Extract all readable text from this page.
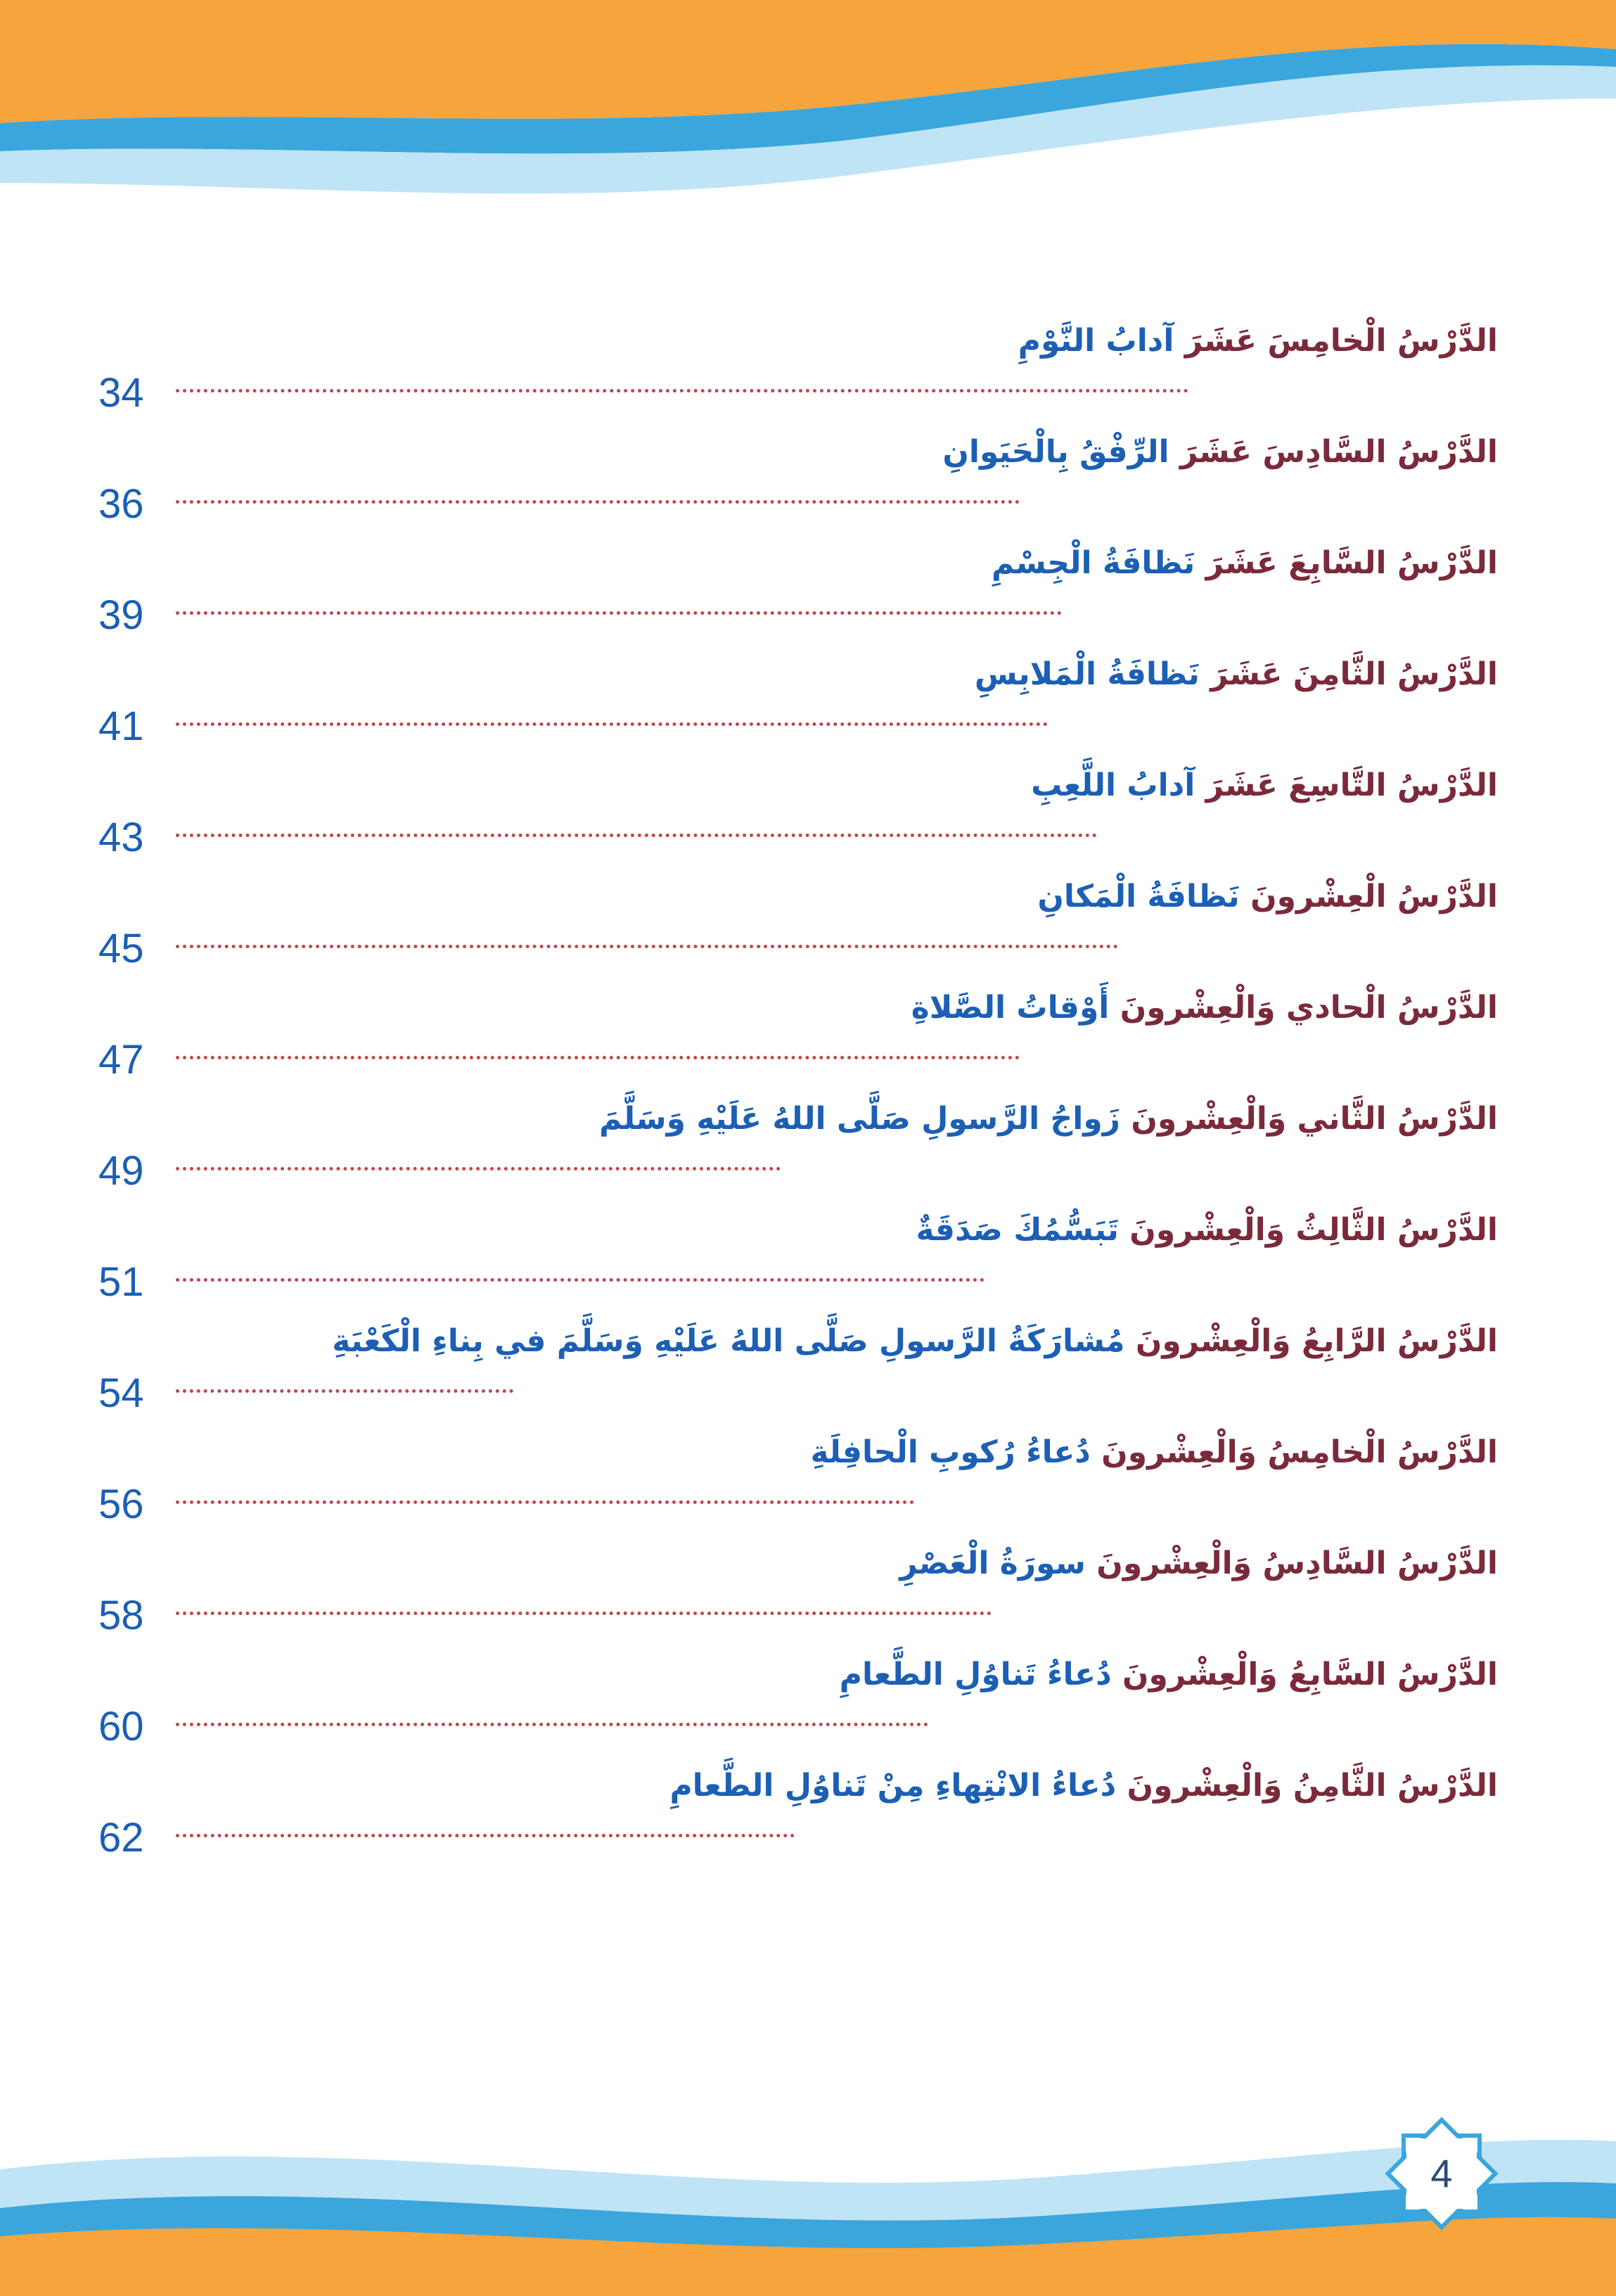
الدَّرْسُ الْخامِسَ عَشَرَ آدابُ النَّوْمِ
34
الدَّرْسُ السَّادِسَ عَشَرَ الرِّفْقُ بِالْحَيَوانِ
36
الدَّرْسُ السَّابِعَ عَشَرَ نَظافَةُ الْجِسْمِ
39
الدَّرْسُ الثَّامِنَ عَشَرَ نَظافَةُ الْمَلابِسِ
41
الدَّرْسُ التَّاسِعَ عَشَرَ آدابُ اللَّعِبِ
43
الدَّرْسُ الْعِشْرونَ نَظافَةُ الْمَكانِ
45
الدَّرْسُ الْحادي وَالْعِشْرونَ أَوْقاتُ الصَّلاةِ
47
الدَّرْسُ الثَّاني وَالْعِشْرونَ زَواجُ الرَّسولِ صَلَّى اللهُ عَلَيْهِ وَسَلَّمَ
49
الدَّرْسُ الثَّالِثُ وَالْعِشْرونَ تَبَسُّمُكَ صَدَقَةٌ
51
الدَّرْسُ الرَّابِعُ وَالْعِشْرونَ مُشارَكَةُ الرَّسولِ صَلَّى اللهُ عَلَيْهِ وَسَلَّمَ في بِناءِ الْكَعْبَةِ
54
الدَّرْسُ الْخامِسُ وَالْعِشْرونَ دُعاءُ رُكوبِ الْحافِلَةِ
56
الدَّرْسُ السَّادِسُ وَالْعِشْرونَ سورَةُ الْعَصْرِ
58
الدَّرْسُ السَّابِعُ وَالْعِشْرونَ دُعاءُ تَناوُلِ الطَّعامِ
60
الدَّرْسُ الثَّامِنُ وَالْعِشْرونَ دُعاءُ الانْتِهاءِ مِنْ تَناوُلِ الطَّعامِ
62
4
